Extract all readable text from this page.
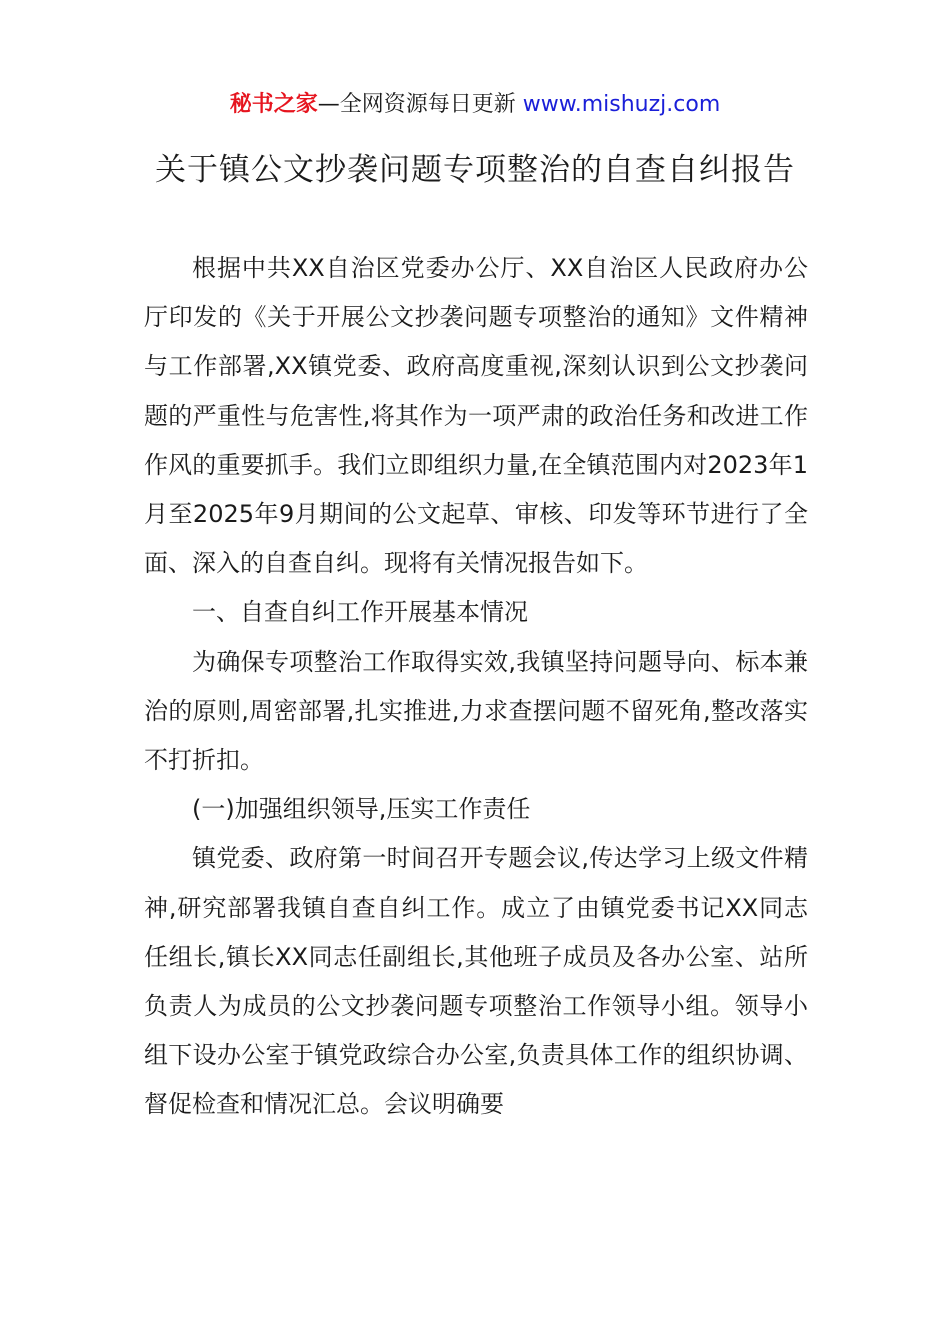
秘书之家—全网资源每日更新 www.mishuzj.com
关于镇公文抄袭问题专项整治的自查自纠报告

根据中共XX自治区党委办公厅、XX自治区人民政府办公厅印发的《关于开展公文抄袭问题专项整治的通知》文件精神与工作部署,XX镇党委、政府高度重视,深刻认识到公文抄袭问题的严重性与危害性,将其作为一项严肃的政治任务和改进工作作风的重要抓手。我们立即组织力量,在全镇范围内对2023年1月至2025年9月期间的公文起草、审核、印发等环节进行了全面、深入的自查自纠。现将有关情况报告如下。

一、自查自纠工作开展基本情况

为确保专项整治工作取得实效,我镇坚持问题导向、标本兼治的原则,周密部署,扎实推进,力求查摆问题不留死角,整改落实不打折扣。

(一)加强组织领导,压实工作责任

镇党委、政府第一时间召开专题会议,传达学习上级文件精神,研究部署我镇自查自纠工作。成立了由镇党委书记XX同志任组长,镇长XX同志任副组长,其他班子成员及各办公室、站所负责人为成员的公文抄袭问题专项整治工作领导小组。领导小组下设办公室于镇党政综合办公室,负责具体工作的组织协调、督促检查和情况汇总。会议明确要
